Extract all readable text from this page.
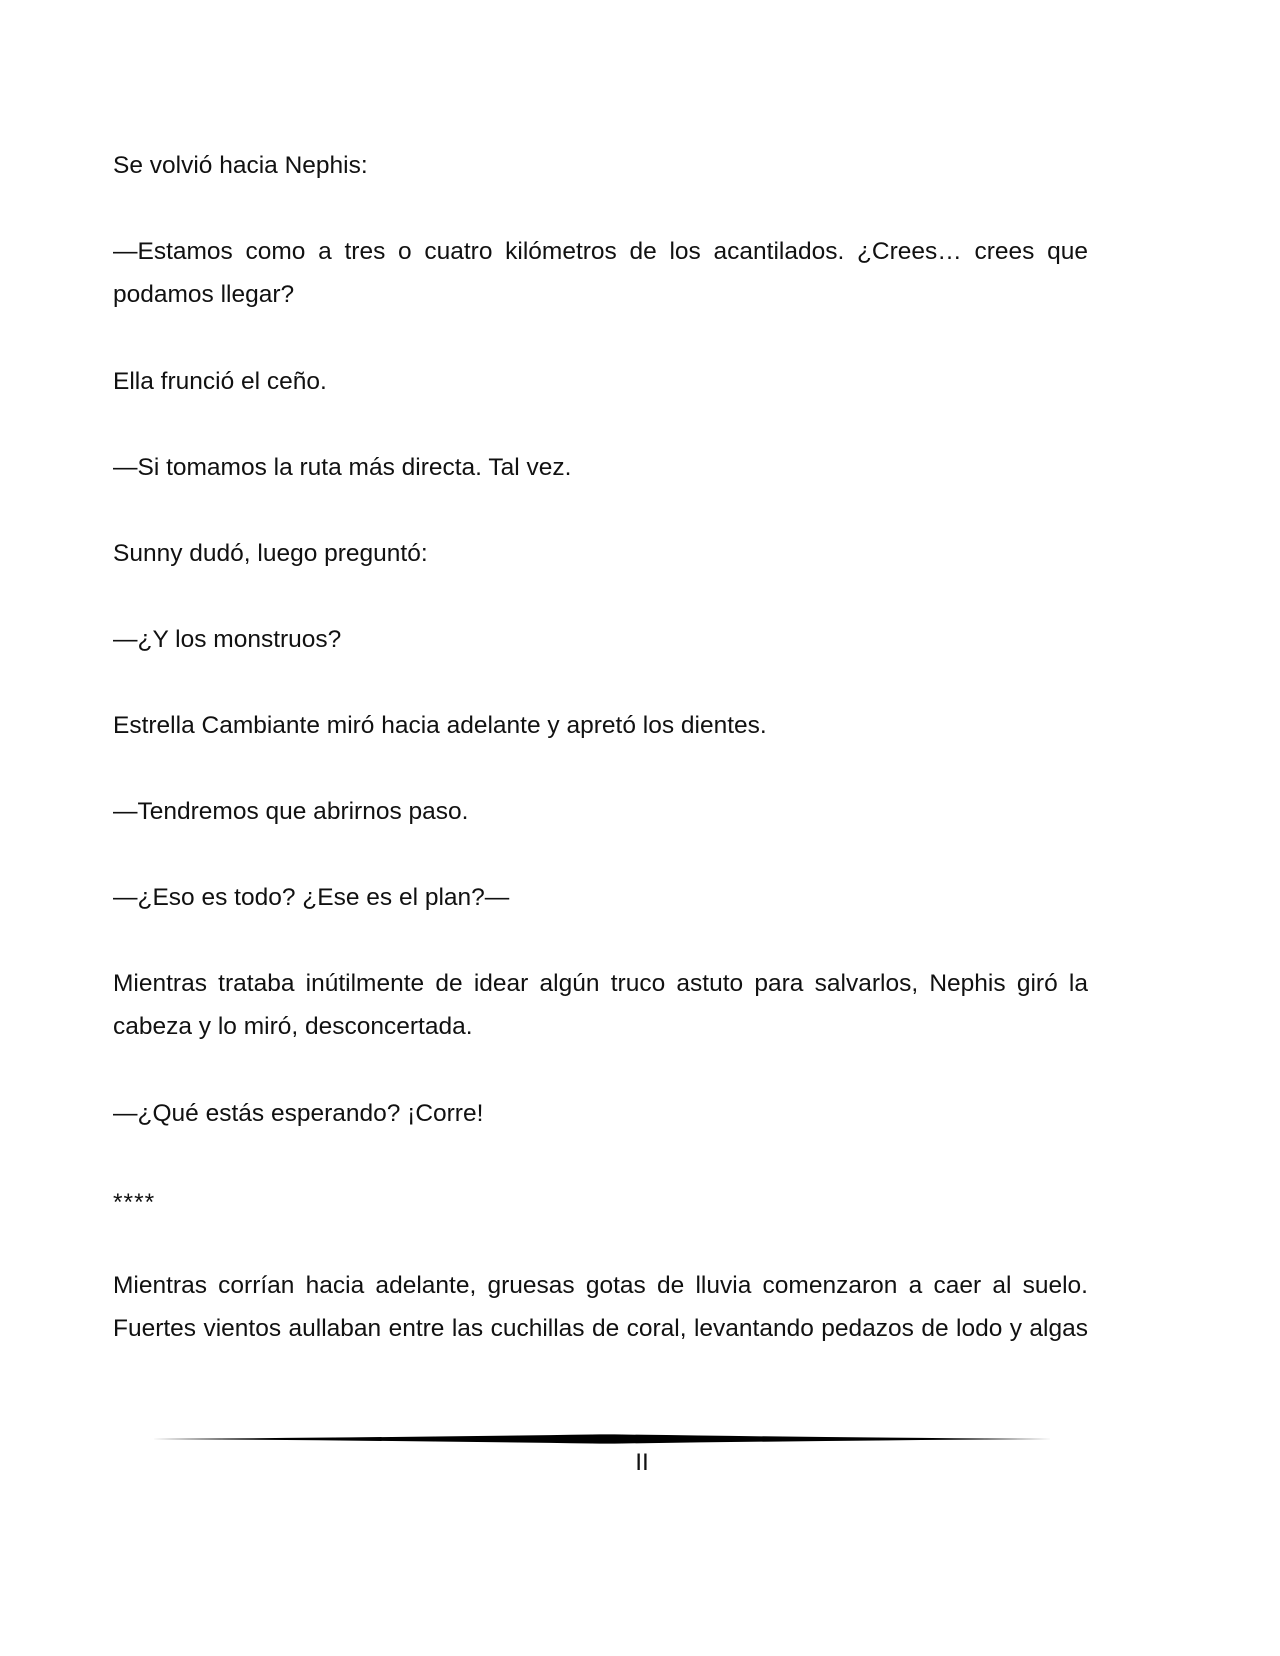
Se volvió hacia Nephis:

—Estamos como a tres o cuatro kilómetros de los acantilados. ¿Crees… crees que podamos llegar?

Ella frunció el ceño.

—Si tomamos la ruta más directa. Tal vez.

Sunny dudó, luego preguntó:

—¿Y los monstruos?

Estrella Cambiante miró hacia adelante y apretó los dientes.

—Tendremos que abrirnos paso.

—¿Eso es todo? ¿Ese es el plan?—

Mientras trataba inútilmente de idear algún truco astuto para salvarlos, Nephis giró la cabeza y lo miró, desconcertada.

—¿Qué estás esperando? ¡Corre!

****

Mientras corrían hacia adelante, gruesas gotas de lluvia comenzaron a caer al suelo. Fuertes vientos aullaban entre las cuchillas de coral, levantando pedazos de lodo y algas

II
